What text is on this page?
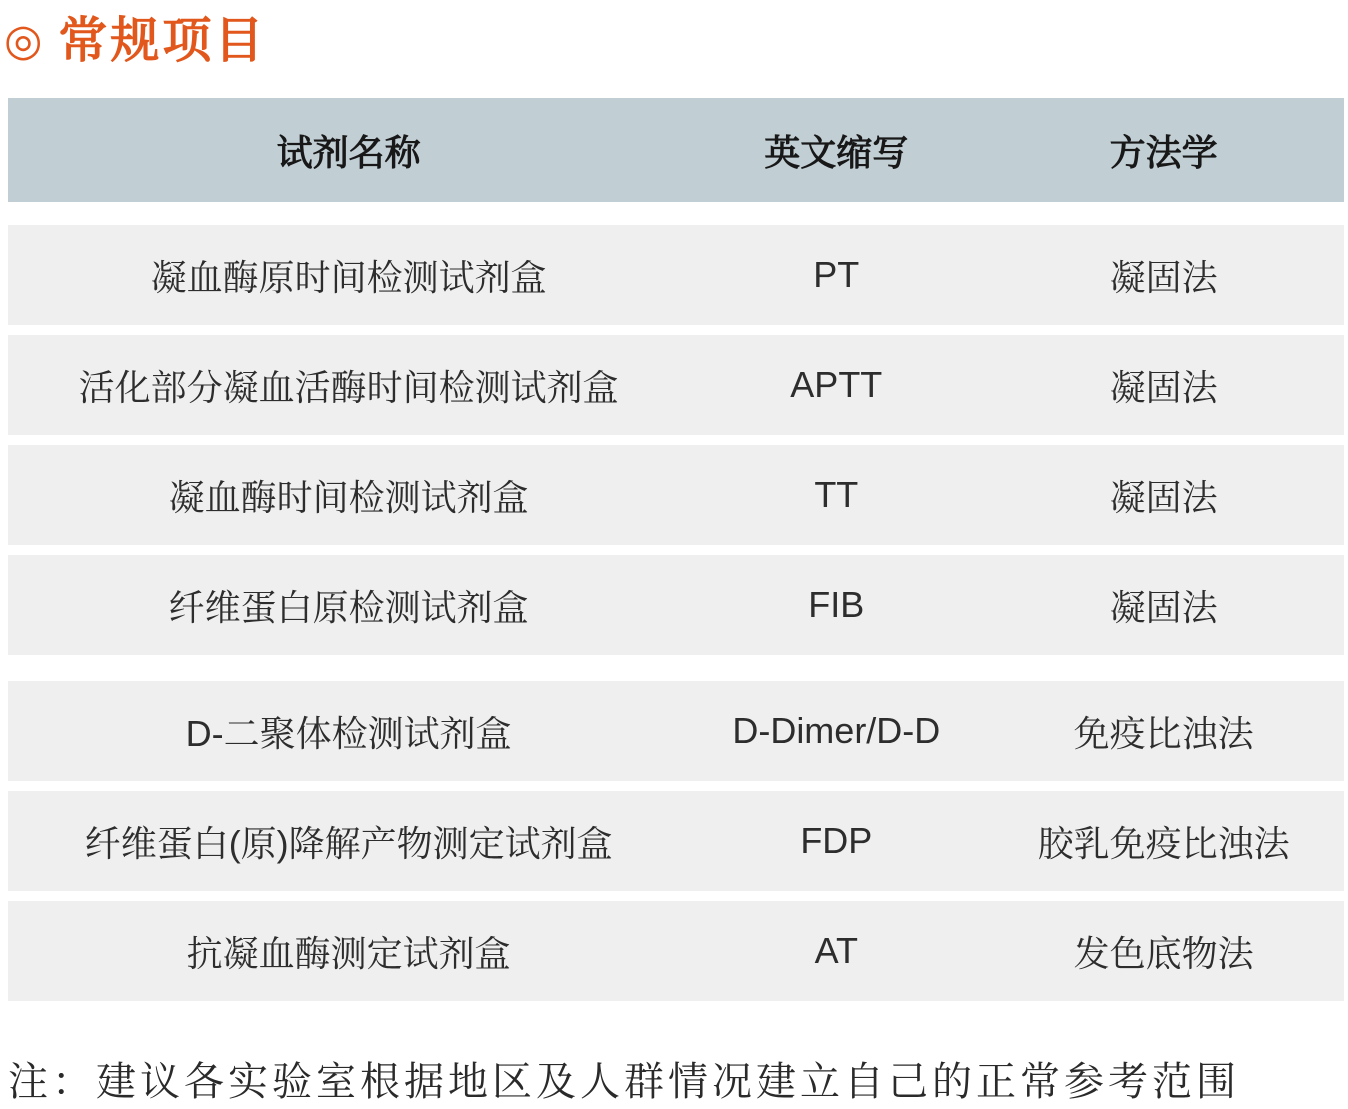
◎ 常规项目
试剂名称	英文缩写	方法学
凝血酶原时间检测试剂盒	PT	凝固法
活化部分凝血活酶时间检测试剂盒	APTT	凝固法
凝血酶时间检测试剂盒	TT	凝固法
纤维蛋白原检测试剂盒	FIB	凝固法
D-二聚体检测试剂盒	D-Dimer/D-D	免疫比浊法
纤维蛋白(原)降解产物测定试剂盒	FDP	胶乳免疫比浊法
抗凝血酶测定试剂盒	AT	发色底物法
注：建议各实验室根据地区及人群情况建立自己的正常参考范围
